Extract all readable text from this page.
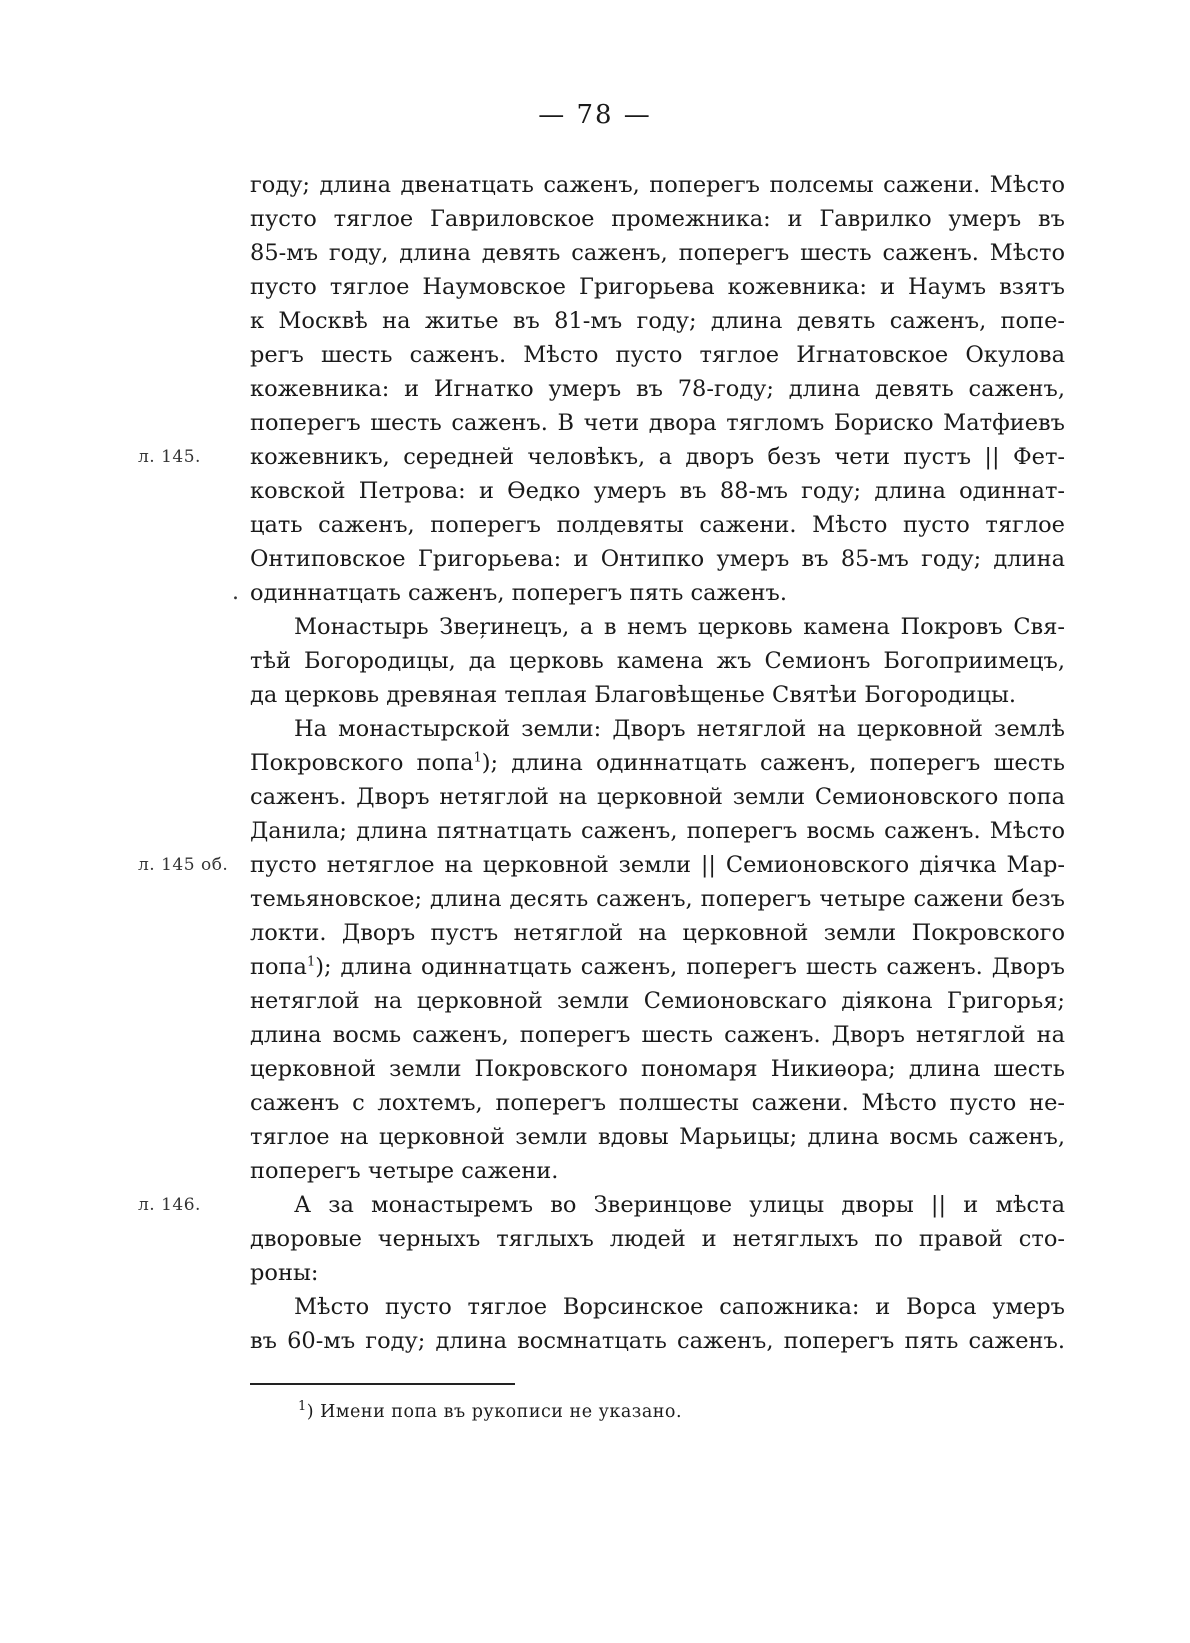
— 78 —
году; длина двенатцать саженъ, поперегъ полсемы сажени. Мѣсто
пусто тяглое Гавриловское промежника: и Гаврилко умеръ въ
85-мъ году, длина девять саженъ, поперегъ шесть саженъ. Мѣсто
пусто тяглое Наумовское Григорьева кожевника: и Наумъ взятъ
к Москвѣ на житье въ 81-мъ году; длина девять саженъ, попе-
регъ шесть саженъ. Мѣсто пусто тяглое Игнатовское Окулова
кожевника: и Игнатко умеръ въ 78-году; длина девять саженъ,
поперегъ шесть саженъ. В чети двора тягломъ Бориско Матфиевъ
л. 145. кожевникъ, середней человѣкъ, а дворъ безъ чети пустъ || Фет-
ковской Петрова: и Ѳедко умеръ въ 88-мъ году; длина одиннат-
цать саженъ, поперегъ полдевяты сажени. Мѣсто пусто тяглое
Онтиповское Григорьева: и Онтипко умеръ въ 85-мъ году; длина
. одиннатцать саженъ, поперегъ пять саженъ.
Монастырь Звеŗинецъ, а в немъ церковь камена Покровъ Свя-
тѣй Богородицы, да церковь камена жъ Семионъ Богоприимецъ,
да церковь древяная теплая Благовѣщенье Святѣи Богородицы.
На монастырской земли: Дворъ нетяглой на церковной землѣ
Покровского попа$^1$); длина одиннатцать саженъ, поперегъ шесть
саженъ. Дворъ нетяглой на церковной земли Семионовского попа
Данила; длина пятнатцать саженъ, поперегъ восмь саженъ. Мѣсто
л. 145 об. пусто нетяглое на церковной земли || Семионовского дiячка Мар-
темьяновское; длина десять саженъ, поперегъ четыре сажени безъ
локти. Дворъ пустъ нетяглой на церковной земли Покровского
попа$^1$); длина одиннатцать саженъ, поперегъ шесть саженъ. Дворъ
нетяглой на церковной земли Семионовскаго дiякона Григорья;
длина восмь саженъ, поперегъ шесть саженъ. Дворъ нетяглой на
церковной земли Покровского пономаря Никиѳора; длина шесть
саженъ с лохтемъ, поперегъ полшесты сажени. Мѣсто пусто не-
тяглое на церковной земли вдовы Марьицы; длина восмь саженъ,
поперегъ четыре сажени.
л. 146.	А за монастыремъ во Зверинцове улицы дворы || и мѣста
дворовые черныхъ тяглыхъ людей и нетяглыхъ по правой сто-
роны:
Мѣсто пусто тяглое Ворсинское сапожника: и Ворса умеръ
въ 60-мъ году; длина восмнатцать саженъ, поперегъ пять саженъ.
$^1$) Имени попа въ рукописи не указано.
